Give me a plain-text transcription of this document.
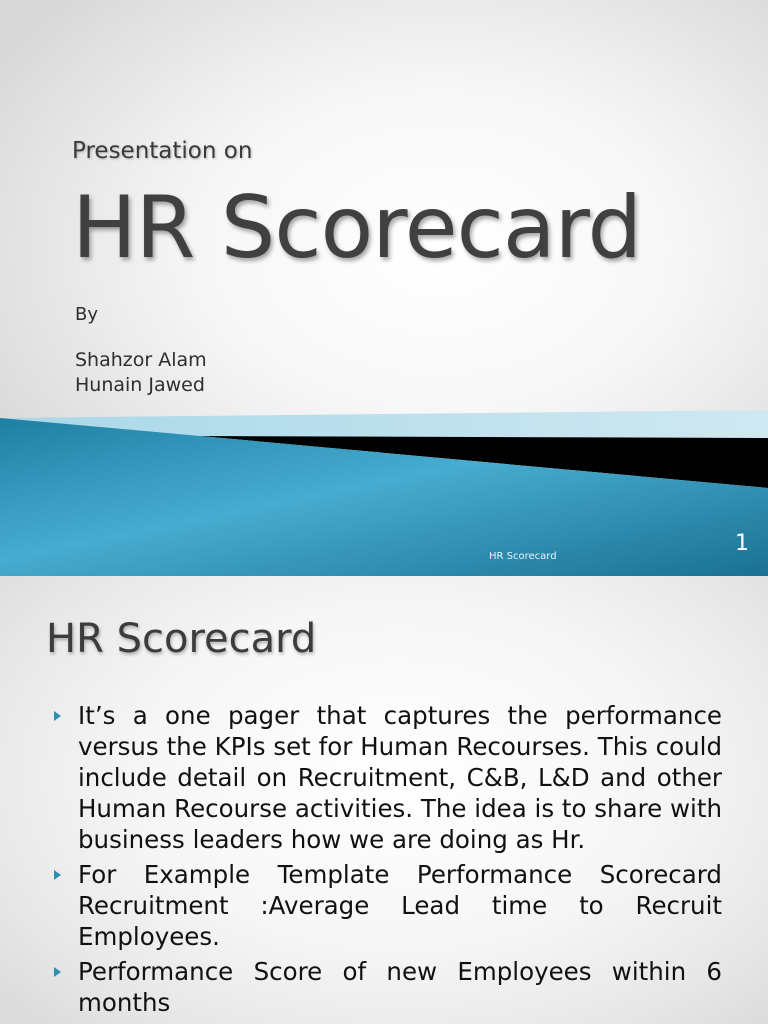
Presentation on
HR Scorecard
By
Shahzor Alam
Hunain Jawed
HR Scorecard
1
HR Scorecard
It’s a one pager that captures the performance versus the KPIs set for Human Recourses. This could include detail on Recruitment, C&B, L&D and other Human Recourse activities. The idea is to share with business leaders how we are doing as Hr.
For Example Template Performance Scorecard Recruitment :Average Lead time to Recruit Employees.
Performance Score of new Employees within 6 months
